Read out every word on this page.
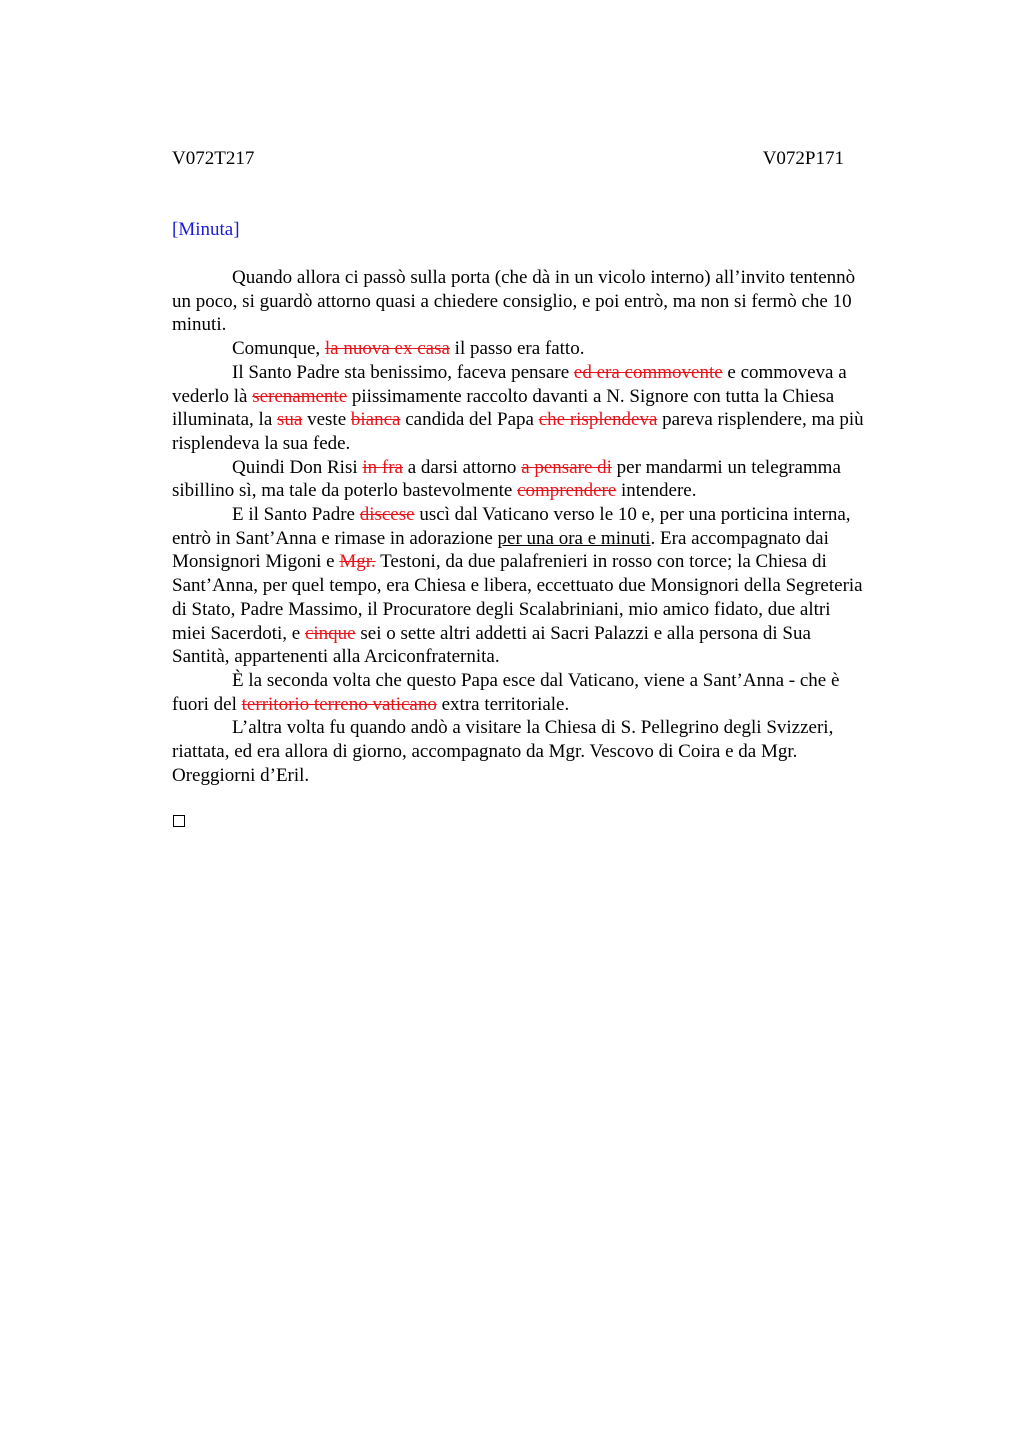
V072T217	V072P171
[Minuta]
Quando allora ci passò sulla porta (che dà in un vicolo interno) all’invito tentennò
un poco, si guardò attorno quasi a chiedere consiglio, e poi entrò, ma non si fermò che 10
minuti.
Comunque, la nuova ex casa il passo era fatto.
Il Santo Padre sta benissimo, faceva pensare ed era commovente e commoveva a
vederlo là serenamente piissimamente raccolto davanti a N. Signore con tutta la Chiesa
illuminata, la sua veste bianca candida del Papa che risplendeva pareva risplendere, ma più
risplendeva la sua fede.
Quindi Don Risi in fra a darsi attorno a pensare di per mandarmi un telegramma
sibillino sì, ma tale da poterlo bastevolmente comprendere intendere.
E il Santo Padre discese uscì dal Vaticano verso le 10 e, per una porticina interna,
entrò in Sant’Anna e rimase in adorazione per una ora e minuti. Era accompagnato dai
Monsignori Migoni e Mgr. Testoni, da due palafrenieri in rosso con torce; la Chiesa di
Sant’Anna, per quel tempo, era Chiesa e libera, eccettuato due Monsignori della Segreteria
di Stato, Padre Massimo, il Procuratore degli Scalabriniani, mio amico fidato, due altri
miei Sacerdoti, e cinque sei o sette altri addetti ai Sacri Palazzi e alla persona di Sua
Santità, appartenenti alla Arciconfraternita.
È la seconda volta che questo Papa esce dal Vaticano, viene a Sant’Anna - che è
fuori del territorio terreno vaticano extra territoriale.
L’altra volta fu quando andò a visitare la Chiesa di S. Pellegrino degli Svizzeri,
riattata, ed era allora di giorno, accompagnato da Mgr. Vescovo di Coira e da Mgr.
Oreggiorni d’Eril.
